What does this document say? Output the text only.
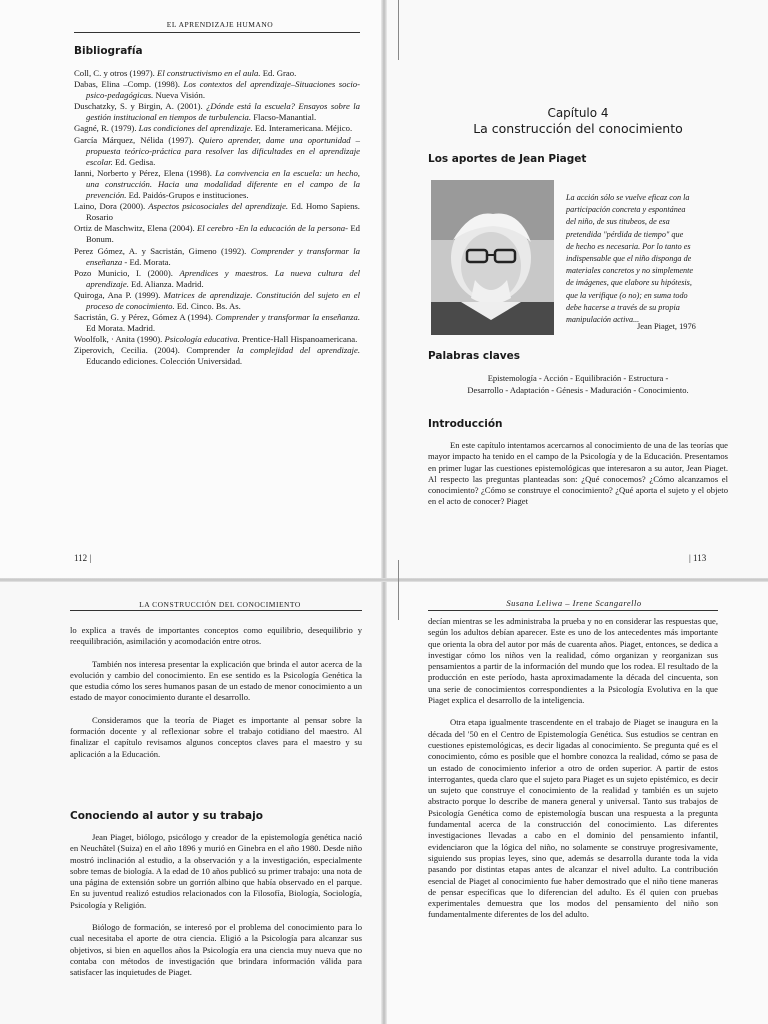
EL APRENDIZAJE HUMANO
Bibliografía

Coll, C. y otros (1997). El constructivismo en el aula. Ed. Grao.

Dabas, Elina –Comp. (1998). Los contextos del aprendizaje–Situaciones socio-psico-pedagógicas. Nueva Visión.

Duschatzky, S. y Birgin, A. (2001). ¿Dónde está la escuela? Ensayos sobre la gestión institucional en tiempos de turbulencia. Flacso-Manantial.

Gagné, R. (1979). Las condiciones del aprendizaje. Ed. Interamericana. Méjico.

García Márquez, Nélida (1997). Quiero aprender, dame una oportunidad –propuesta teórico-práctica para resolver las dificultades en el aprendizaje escolar. Ed. Gedisa.

Ianni, Norberto y Pérez, Elena (1998). La convivencia en la escuela: un hecho, una construcción. Hacia una modalidad diferente en el campo de la prevención. Ed. Paidós-Grupos e instituciones.

Laino, Dora (2000). Aspectos psicosociales del aprendizaje. Ed. Homo Sapiens. Rosario

Ortiz de Maschwitz, Elena (2004). El cerebro -En la educación de la persona- Ed Bonum.

Perez Gómez, A. y Sacristán, Gimeno (1992). Comprender y transformar la enseñanza - Ed. Morata.

Pozo Municio, I. (2000). Aprendices y maestros. La nueva cultura del aprendizaje. Ed. Alianza. Madrid.

Quiroga, Ana P. (1999). Matrices de aprendizaje. Constitución del sujeto en el proceso de conocimiento. Ed. Cinco. Bs. As.

Sacristán, G. y Pérez, Gómez A (1994). Comprender y transformar la enseñanza. Ed Morata. Madrid.

Woolfolk, · Anita (1990). Psicología educativa. Prentice-Hall Hispanoamericana.

Ziperovich, Cecilia. (2004). Comprender la complejidad del aprendizaje. Educando ediciones. Colección Universidad.

112 |
Capítulo 4
La construcción del conocimiento
Los aportes de Jean Piaget
La acción sólo se vuelve eficaz con la
participación concreta y espontánea
del niño, de sus titubeos, de esa
pretendida "pérdida de tiempo" que
de hecho es necesaria. Por lo tanto es
indispensable que el niño disponga de
materiales concretos y no simplemente
de imágenes, que elabore su hipótesis,
que la verifique (o no); en suma todo
debe hacerse a través de su propia
manipulación activa...
Jean Piaget, 1976
Palabras claves
Epistemología - Acción - Equilibración - Estructura -
Desarrollo - Adaptación - Génesis - Maduración - Conocimiento.
Introducción

En este capítulo intentamos acercarnos al conocimiento de una de las teorías que mayor impacto ha tenido en el campo de la Psicología y de la Educación. Presentamos en primer lugar las cuestiones epistemológicas que interesaron a su autor, Jean Piaget. Al respecto las preguntas planteadas son: ¿Qué conocemos? ¿Cómo alcanzamos el conocimiento? ¿Cómo se construye el conocimiento? ¿Qué aporta el sujeto y el objeto en el acto de conocer? Piaget

| 113
LA CONSTRUCCIÓN DEL CONOCIMIENTO

lo explica a través de importantes conceptos como equilibrio, desequilibrio y reequilibración, asimilación y acomodación entre otros.

También nos interesa presentar la explicación que brinda el autor acerca de la evolución y cambio del conocimiento. En ese sentido es la Psicología Genética la que estudia cómo los seres humanos pasan de un estado de menor conocimiento a un estado de mayor conocimiento durante el desarrollo.

Consideramos que la teoría de Piaget es importante al pensar sobre la formación docente y al reflexionar sobre el trabajo cotidiano del maestro. Al finalizar el capítulo revisamos algunos conceptos claves para el maestro y su aplicación a la Educación.

Conociendo al autor y su trabajo

Jean Piaget, biólogo, psicólogo y creador de la epistemología genética nació en Neuchâtel (Suiza) en el año 1896 y murió en Ginebra en el año 1980. Desde niño mostró inclinación al estudio, a la observación y a la investigación, especialmente sobre temas de biología. A la edad de 10 años publicó su primer trabajo: una nota de una página de extensión sobre un gorrión albino que había observado en el parque. En su juventud realizó estudios relacionados con la Filosofía, Biología, Sociología, Psicología y Religión.

Biólogo de formación, se interesó por el problema del conocimiento para lo cual necesitaba el aporte de otra ciencia. Eligió a la Psicología para alcanzar sus objetivos, si bien en aquellos años la Psicología era una ciencia muy nueva que no contaba con métodos de investigación que brindara información válida para satisfacer las inquietudes de Piaget.

Susana Leliwa – Irene Scangarello

decían mientras se les administraba la prueba y no en considerar las respuestas que, según los adultos debían aparecer. Este es uno de los antecedentes más importante que orienta la obra del autor por más de cuarenta años. Piaget, entonces, se dedica a investigar cómo los niños ven la realidad, cómo organizan y reorganizan sus pensamientos a partir de la información del mundo que los rodea. El resultado de la producción en este período, hasta aproximadamente la década del cincuenta, son una serie de conocimientos correspondientes a la Psicología Evolutiva en la que Piaget explica el desarrollo de la inteligencia.

Otra etapa igualmente trascendente en el trabajo de Piaget se inaugura en la década del '50 en el Centro de Epistemología Genética. Sus estudios se centran en cuestiones epistemológicas, es decir ligadas al conocimiento. Se pregunta qué es el conocimiento, cómo es posible que el hombre conozca la realidad, cómo se pasa de un estado de conocimiento inferior a otro de orden superior. A partir de estos interrogantes, queda claro que el sujeto para Piaget es un sujeto epistémico, es decir un sujeto que construye el conocimiento de la realidad y también es un sujeto abstracto porque lo describe de manera general y universal. Tanto sus trabajos de Psicología Genética como de epistemología buscan una respuesta a la pregunta fundamental acerca de la construcción del conocimiento. Las diferentes investigaciones llevadas a cabo en el dominio del pensamiento infantil, evidenciaron que la lógica del niño, no solamente se construye progresivamente, siguiendo sus propias leyes, sino que, además se desarrolla durante toda la vida pasando por distintas etapas antes de alcanzar el nivel adulto. La contribución esencial de Piaget al conocimiento fue haber demostrado que el niño tiene maneras de pensar específicas que lo diferencian del adulto. Es él quien con pruebas experimentales demuestra que los modos del pensamiento del niño son fundamentalmente diferentes de los del adulto.
